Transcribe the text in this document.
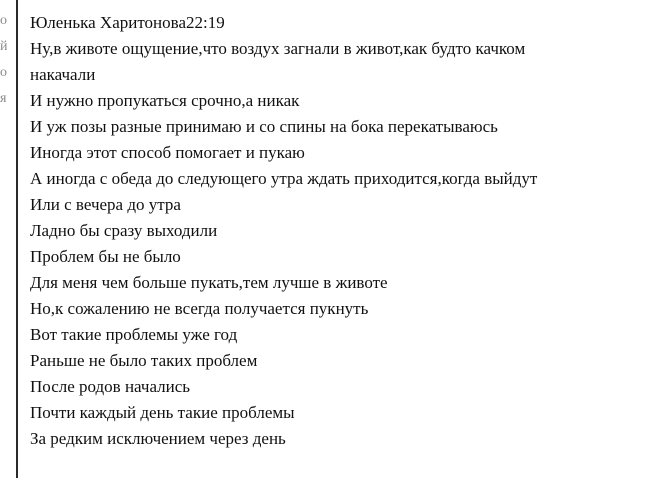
о
й
о
я
Юленька Харитонова22:19
Ну,в животе ощущение,что воздух загнали в живот,как будто качком
накачали
И нужно пропукаться срочно,а никак
И уж позы разные принимаю и со спины на бока перекатываюсь
Иногда этот способ помогает и пукаю
А иногда с обеда до следующего утра ждать приходится,когда выйдут
Или с вечера до утра
Ладно бы сразу выходили
Проблем бы не было
Для меня чем больше пукать,тем лучше в животе
Но,к сожалению не всегда получается пукнуть
Вот такие проблемы уже год
Раньше не было таких проблем
После родов начались
Почти каждый день такие проблемы
За редким исключением через день
